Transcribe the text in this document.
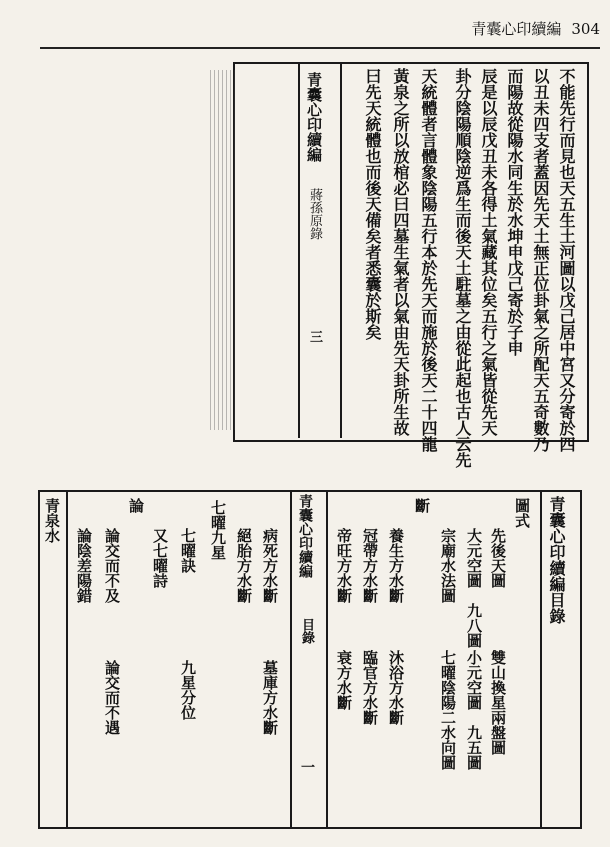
青囊心印續編 304
不能先行而見也天五生土河圖以戊己居中宮又分寄於四
以丑未四支者蓋因先天土無正位卦氣之所配天五奇數乃
而陽故從陽水同生於水坤申戊己寄於子申
辰是以辰戊丑未各得土氣藏其位矣五行之氣皆從先天
卦分陰陽順陰逆爲生而後天土駐墓之由從此起也古人云先
天統體者言體象陰陽五行本於先天而施於後天二十四龍
黃泉之所以放棺必曰四墓生氣者以氣由先天卦所生故
曰先天統體也而後天備矣者悉囊於斯矣
青囊心印續編
蔣孫原錄
三
青囊心印續編目錄
圖式
先後天圖
雙山換星兩盤圖
大元空圖　九八圖
小元空圖　九五圖
宗廟水法圖
七曜陰陽二水向圖
斷
養生方水斷
沐浴方水斷
冠帶方水斷
臨官方水斷
帝旺方水斷
衰方水斷
青囊心印續編
目錄
一
病死方水斷
墓庫方水斷
絕胎方水斷
七曜九星
七曜訣
九星分位
又七曜詩
論
論交而不及
論交而不遇
論陰差陽錯
青泉水
